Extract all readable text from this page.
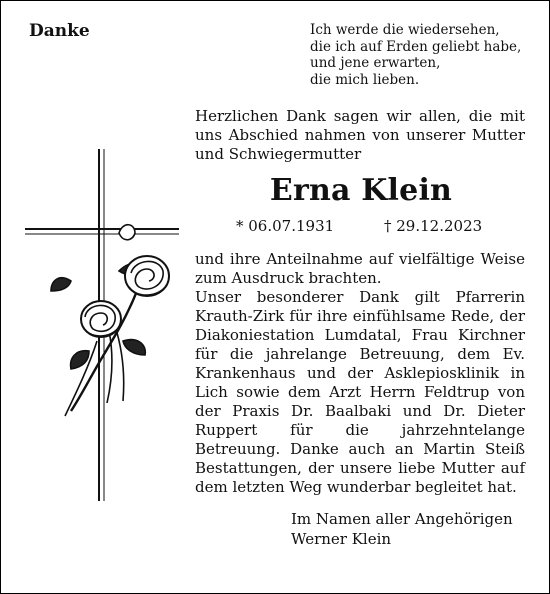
Danke	Ich werde die wiedersehen,
die ich auf Erden geliebt habe,
und jene erwarten,
die mich lieben.
Herzlichen Dank sagen wir allen, die mit uns Abschied nahmen von unserer Mutter und Schwiegermutter
Erna Klein
* 06.07.1931	† 29.12.2023

und ihre Anteilnahme auf vielfältige Weise zum Ausdruck brachten.

Unser besonderer Dank gilt Pfarrerin Krauth-Zirk für ihre einfühlsame Rede, der Diakoniestation Lumdatal, Frau Kirchner für die jahrelange Betreuung, dem Ev. Krankenhaus und der Asklepiosklinik in Lich sowie dem Arzt Herrn Feldtrup von der Praxis Dr. Baalbaki und Dr. Dieter Ruppert für die jahrzehntelange Betreuung. Danke auch an Martin Steiß Bestattungen, der unsere liebe Mutter auf dem letzten Weg wunderbar begleitet hat.

Im Namen aller Angehörigen
Werner Klein
